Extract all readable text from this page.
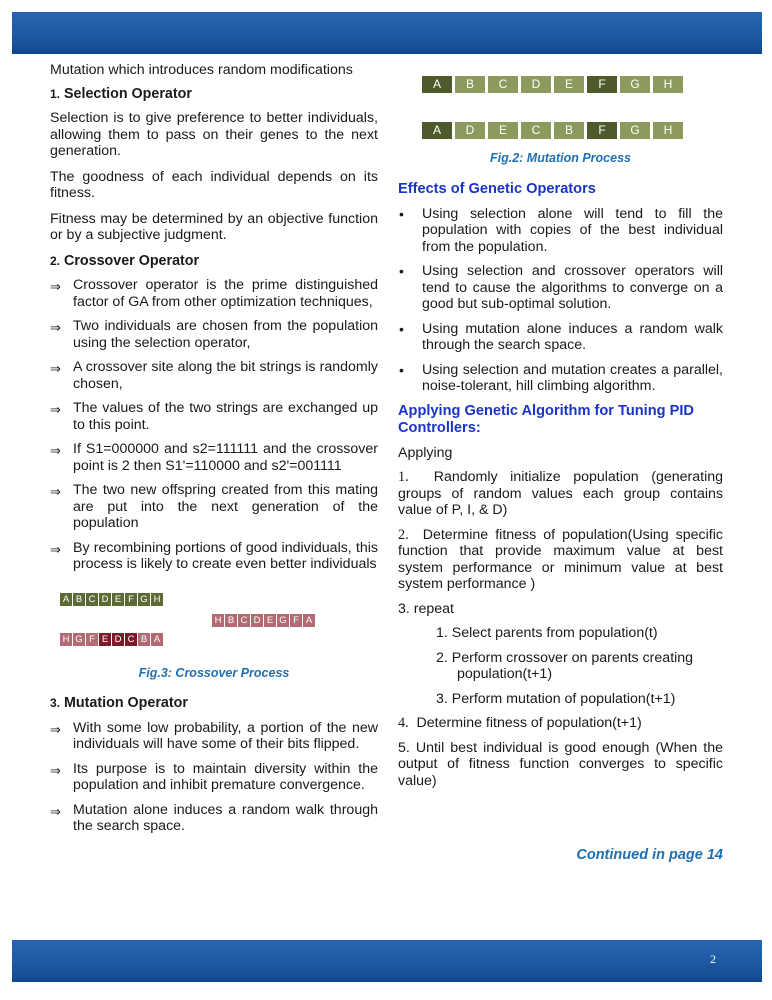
Mutation which introduces random modifications

1. Selection Operator

Selection is to give preference to better individuals, allowing them to pass on their genes to the next generation.

The goodness of each individual depends on its fitness.

Fitness may be determined by an objective function or by a subjective judgment.

2. Crossover Operator
⇒ Crossover operator is the prime distinguished factor of GA from other optimization techniques,
⇒ Two individuals are chosen from the population using the selection operator,
⇒ A crossover site along the bit strings is randomly chosen,
⇒ The values of the two strings are exchanged up to this point.
⇒ If S1=000000 and s2=111111 and the crossover point is 2 then S1'=110000 and s2'=001111
⇒ The two new offspring created from this mating are put into the next generation of the population
⇒ By recombining portions of good individuals, this process is likely to create even better individuals
A B C D E F G H
H B C D E G F A
H G F E D C B A

Fig.3: Crossover Process

3. Mutation Operator
⇒ With some low probability, a portion of the new individuals will have some of their bits flipped.
⇒ Its purpose is to maintain diversity within the population and inhibit premature convergence.
⇒ Mutation alone induces a random walk through the search space.
A	B	C	D	E	F	G	H
A	D	E	C	B	F	G	H

Fig.2: Mutation Process

Effects of Genetic Operators
• Using selection alone will tend to fill the population with copies of the best individual from the population.
• Using selection and crossover operators will tend to cause the algorithms to converge on a good but sub-optimal solution.
• Using mutation alone induces a random walk through the search space.
• Using selection and mutation creates a parallel, noise-tolerant, hill climbing algorithm.
Applying Genetic Algorithm for Tuning PID Controllers:

Applying

1. Randomly initialize population (generating groups of random values each group contains value of P, I, & D)

2. Determine fitness of population(Using specific function that provide maximum value at best system performance or minimum value at best system performance )

3. repeat

1. Select parents from population(t)

2. Perform crossover on parents creating population(t+1)

3. Perform mutation of population(t+1)

4. Determine fitness of population(t+1)

5. Until best individual is good enough (When the output of fitness function converges to specific value)

Continued in page 14

2
